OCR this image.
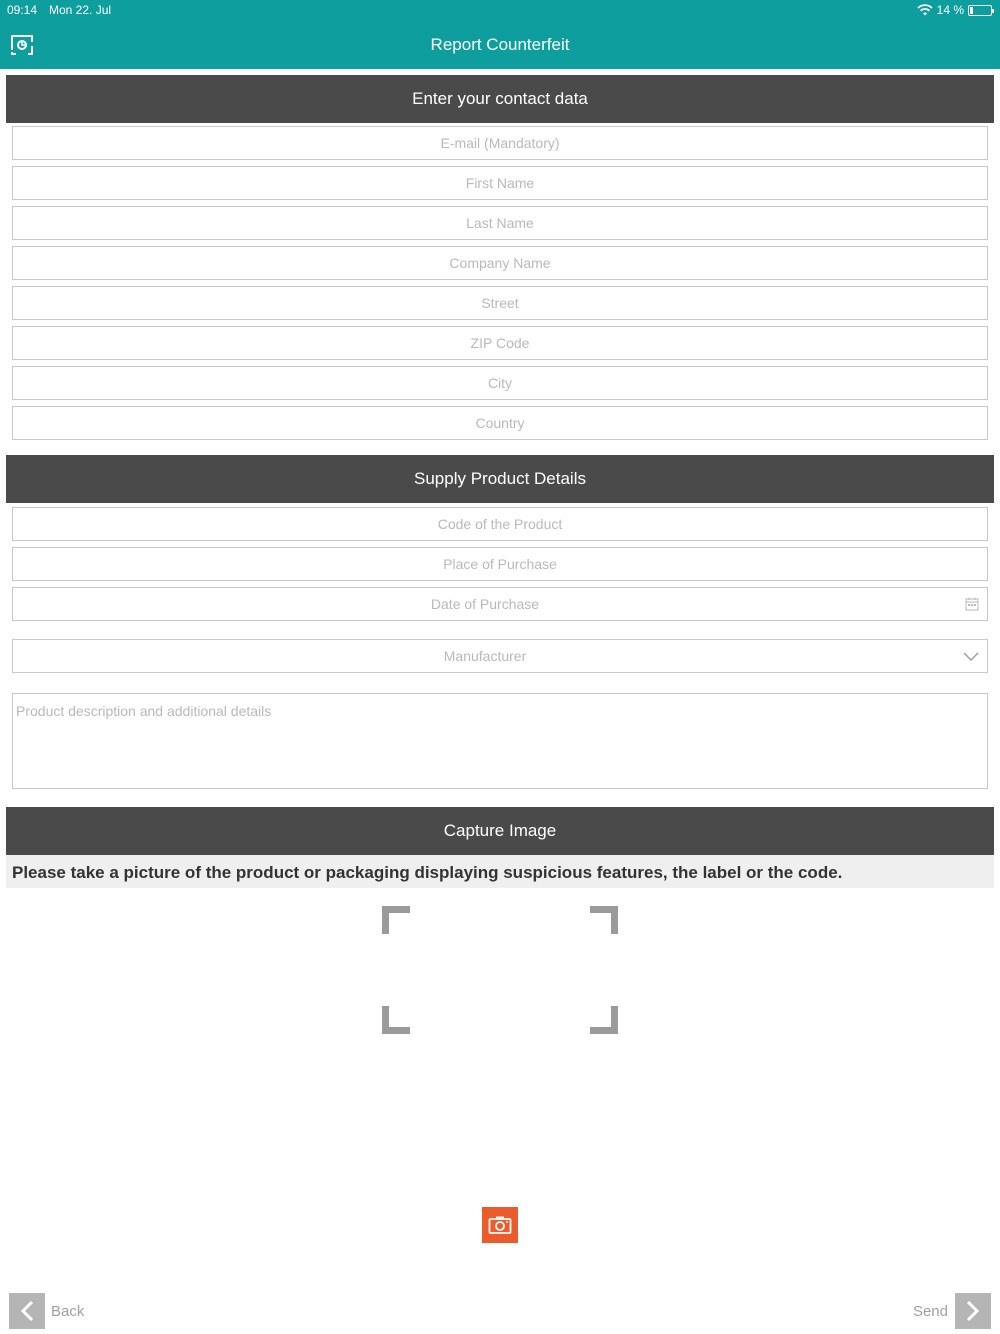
09:14 Mon 22. Jul	14 %
Report Counterfeit
Enter your contact data
E-mail (Mandatory)
First Name
Last Name
Company Name
Street
ZIP Code
City
Country
Supply Product Details
Code of the Product
Place of Purchase
Date of Purchase
Manufacturer
Product description and additional details
Capture Image
Please take a picture of the product or packaging displaying suspicious features, the label or the code.
Back	Send
